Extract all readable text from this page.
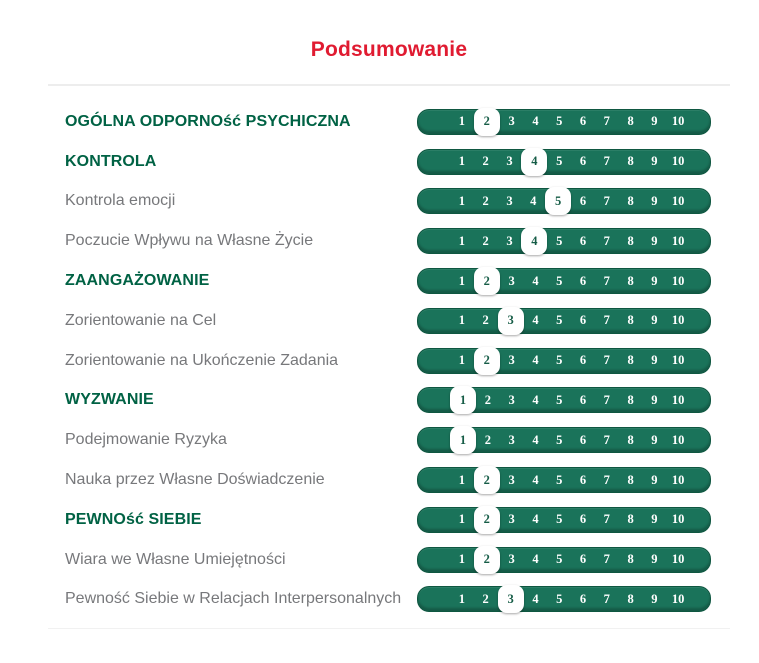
Podsumowanie
OGÓLNA ODPORNOść PSYCHICZNA	1	2	3 4 5 6 7 8 9 10
KONTROLA	1 2 3	4	5 6 7 8 9 10
Kontrola emocji	1 2 3 4	5	6 7 8 9 10
Poczucie Wpływu na Własne Życie	1 2 3	4	5 6 7 8 9 10
ZAANGAŻOWANIE	1	2	3 4 5 6 7 8 9 10
Zorientowanie na Cel	1 2	3	4 5 6 7 8 9 10
Zorientowanie na Ukończenie Zadania	1	2	3 4 5 6 7 8 9 10
WYZWANIE	1	2 3 4 5 6 7 8 9 10
Podejmowanie Ryzyka	1	2 3 4 5 6 7 8 9 10
Nauka przez Własne Doświadczenie	1	2	3 4 5 6 7 8 9 10
PEWNOść SIEBIE	1	2	3 4 5 6 7 8 9 10
Wiara we Własne Umiejętności	1	2	3 4 5 6 7 8 9 10
Pewność Siebie w Relacjach Interpersonalnych	1 2	3	4 5 6 7 8 9 10
